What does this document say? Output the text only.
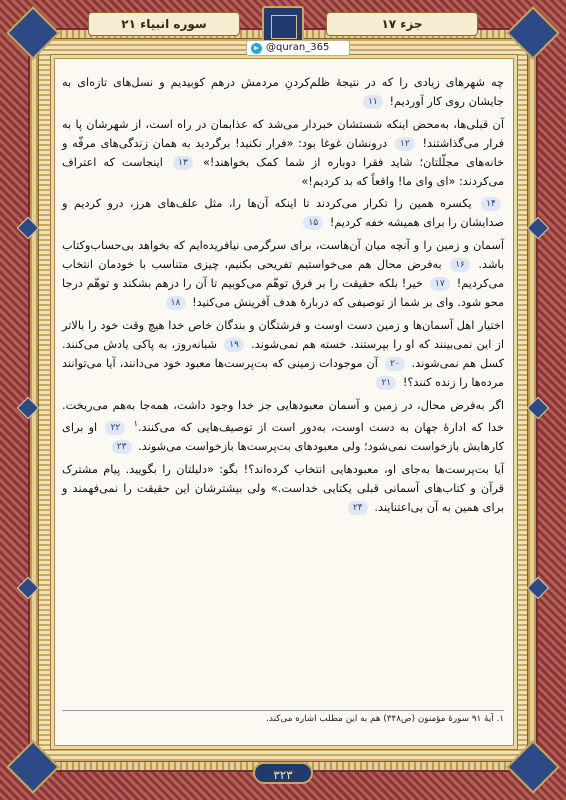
سوره انبیاء ۲۱	جزء ۱۷
@quran_365

چه شهرهای زیادی را که در نتیجهٔ ظلم‌کردنِ مردمش درهم کوبیدیم و نسل‌های تازه‌ای به جایشان روی کار آوردیم! ۱۱

آن قبلی‌ها، به‌محض اینکه شستشان خبردار می‌شد که عذابمان در راه است، از شهرشان پا به فرار می‌گذاشتند! ۱۲ درونشان غوغا بود: «فرار نکنید! برگردید به همان زندگی‌های مرفّه و خانه‌های مجلّلتان؛ شاید فقرا دوباره از شما کمک بخواهند!» ۱۳ اینجاست که اعتراف می‌کردند: «ای وای ما! واقعاً که بد کردیم!»

۱۴ یکسره همین را تکرار می‌کردند تا اینکه آن‌ها را، مثل علف‌های هرز، درو کردیم و صدایشان را برای همیشه خفه کردیم! ۱۵

آسمان و زمین را و آنچه میان آن‌هاست، برای سرگرمی نیافریده‌ایم که بخواهد بی‌حساب‌وکتاب باشد. ۱۶ به‌فرض محال هم می‌خواستیم تفریحی بکنیم، چیزی متناسب با خودمان انتخاب می‌کردیم! ۱۷ خیر! بلکه حقیقت را بر فرق توهّم می‌کوبیم تا آن را درهم بشکند و توهّم درجا محو شود. وای بر شما از توصیفی که دربارهٔ هدف آفرینش می‌کنید! ۱۸

اختیار اهل آسمان‌ها و زمین دست اوست و فرشتگان و بندگان خاص خدا هیچ وقت خود را بالاتر از این نمی‌بینند که او را بپرستند. خسته هم نمی‌شوند. ۱۹ شبانه‌روز، به پاکی یادش می‌کنند. کسل هم نمی‌شوند. ۲۰ آن موجودات زمینی که بت‌پرست‌ها معبود خود می‌دانند، آیا می‌توانند مرده‌ها را زنده کنند؟! ۲۱

اگر به‌فرض محال، در زمین و آسمان معبودهایی جز خدا وجود داشت، همه‌جا به‌هم می‌ریخت. خدا که ادارهٔ جهان به دست اوست، به‌دور است از توصیف‌هایی که می‌کنند.$^۱$ ۲۲ او برای کارهایش بازخواست نمی‌شود؛ ولی معبودهای بت‌پرست‌ها بازخواست می‌شوند. ۲۳

آیا بت‌پرست‌ها به‌جای او، معبودهایی انتخاب کرده‌اند؟! بگو: «دلیلتان را بگویید. پیام مشترک قرآن و کتاب‌های آسمانی قبلی یکتایی خداست.» ولی بیشترشان این حقیقت را نمی‌فهمند و برای همین به آن بی‌اعتنایند. ۲۴

۱. آیهٔ ۹۱ سورهٔ مؤمنون (ص۳۴۸) هم به این مطلب اشاره می‌کند.
۳۲۳
